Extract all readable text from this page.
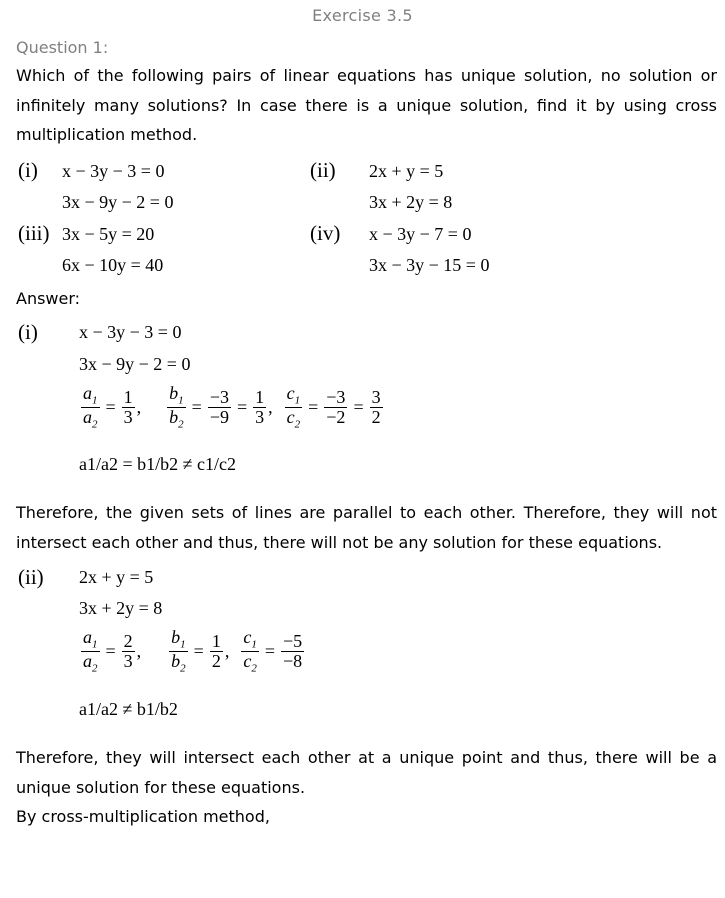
Exercise 3.5
Question 1:
Which of the following pairs of linear equations has unique solution, no solution or infinitely many solutions? In case there is a unique solution, find it by using cross multiplication method.
(i) x − 3y − 3 = 0
3x − 9y − 2 = 0
(ii) 2x + y = 5
3x + 2y = 8
(iii) 3x − 5y = 20
6x − 10y = 40
(iv) x − 3y − 7 = 0
3x − 3y − 15 = 0
Answer:
(i) x − 3y − 3 = 0
3x − 9y − 2 = 0
$\frac{a_1}{a_2} = \frac{1}{3}$ , $\frac{b_1}{b_2} = \frac{-3}{-9} = \frac{1}{3}$ , $\frac{c_1}{c_2} = \frac{-3}{-2} = \frac{3}{2}$
a1/a2 = b1/b2 ≠ c1/c2
Therefore, the given sets of lines are parallel to each other. Therefore, they will not intersect each other and thus, there will not be any solution for these equations.
(ii) 2x + y = 5
3x + 2y = 8
$\frac{a_1}{a_2} = \frac{2}{3}$ , $\frac{b_1}{b_2} = \frac{1}{2}$ , $\frac{c_1}{c_2} = \frac{-5}{-8}$
a1/a2 ≠ b1/b2
Therefore, they will intersect each other at a unique point and thus, there will be a unique solution for these equations.
By cross-multiplication method,
